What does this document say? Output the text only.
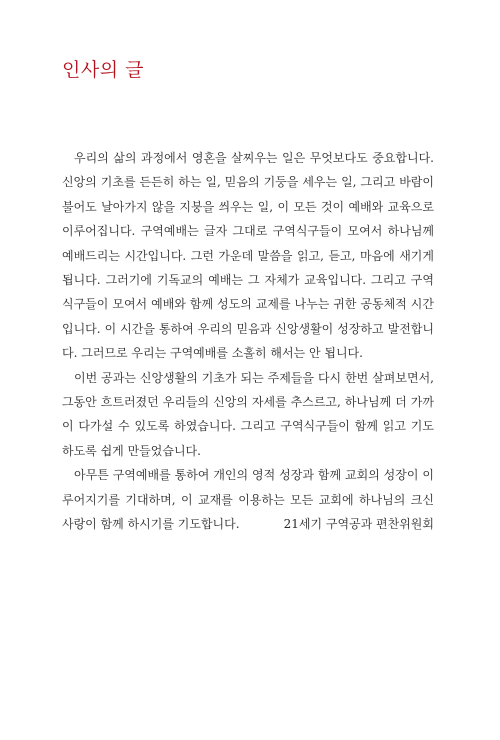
인사의 글

우리의 삶의 과정에서 영혼을 살찌우는 일은 무엇보다도 중요합니다. 신앙의 기초를 든든히 하는 일, 믿음의 기둥을 세우는 일, 그리고 바람이 불어도 날아가지 않을 지붕을 씌우는 일, 이 모든 것이 예배와 교육으로 이루어집니다. 구역예배는 글자 그대로 구역식구들이 모여서 하나님께 예배드리는 시간입니다. 그런 가운데 말씀을 읽고, 듣고, 마음에 새기게 됩니다. 그러기에 기독교의 예배는 그 자체가 교육입니다. 그리고 구역식구들이 모여서 예배와 함께 성도의 교제를 나누는 귀한 공동체적 시간입니다. 이 시간을 통하여 우리의 믿음과 신앙생활이 성장하고 발전합니다. 그러므로 우리는 구역예배를 소홀히 해서는 안 됩니다.

이번 공과는 신앙생활의 기초가 되는 주제들을 다시 한번 살펴보면서, 그동안 흐트러졌던 우리들의 신앙의 자세를 추스르고, 하나님께 더 가까이 다가설 수 있도록 하였습니다. 그리고 구역식구들이 함께 읽고 기도하도록 쉽게 만들었습니다.

아무튼 구역예배를 통하여 개인의 영적 성장과 함께 교회의 성장이 이루어지기를 기대하며, 이 교재를 이용하는 모든 교회에 하나님의 크신 사랑이 함께 하시기를 기도합니다.	21세기 구역공과 편찬위원회
